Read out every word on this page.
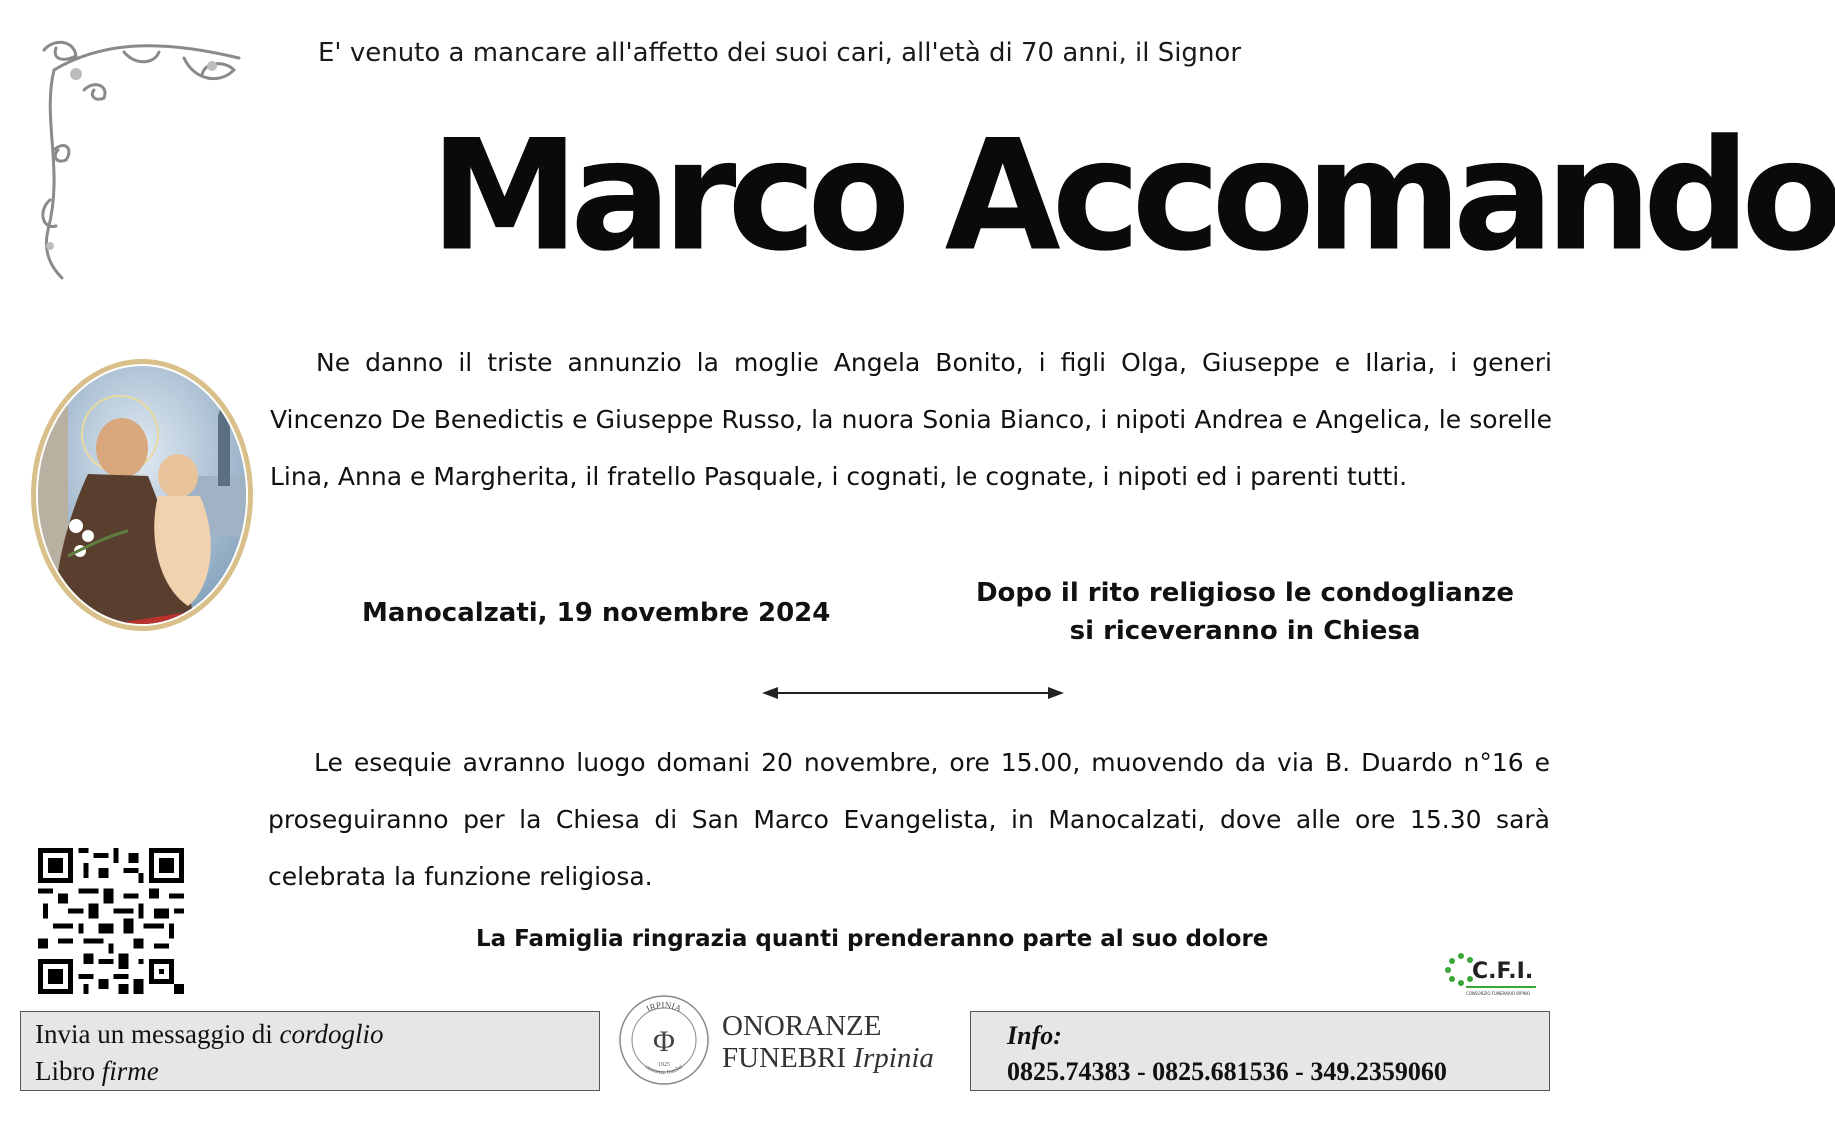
E' venuto a mancare all'affetto dei suoi cari, all'età di 70 anni, il Signor
Marco Accomando
Ne danno il triste annunzio la moglie Angela Bonito, i figli Olga, Giuseppe e Ilaria, i generi Vincenzo De Benedictis e Giuseppe Russo, la nuora Sonia Bianco, i nipoti Andrea e Angelica, le sorelle Lina, Anna e Margherita, il fratello Pasquale, i cognati, le cognate, i nipoti ed i parenti tutti.
Manocalzati, 19 novembre 2024
Dopo il rito religioso le condoglianze
si riceveranno in Chiesa
Le esequie avranno luogo domani 20 novembre, ore 15.00, muovendo da via B. Duardo n°16 e proseguiranno per la Chiesa di San Marco Evangelista, in Manocalzati, dove alle ore 15.30 sarà celebrata la funzione religiosa.
La Famiglia ringrazia quanti prenderanno parte al suo dolore
C.F.I.
CONSORZIO FUNERARIO IRPINO
Invia un messaggio di cordoglio
Libro firme
IRPINIA
onoranze funebri
Φ
1925
ONORANZE
FUNEBRI Irpinia
Info:
0825.74383 - 0825.681536 - 349.2359060
